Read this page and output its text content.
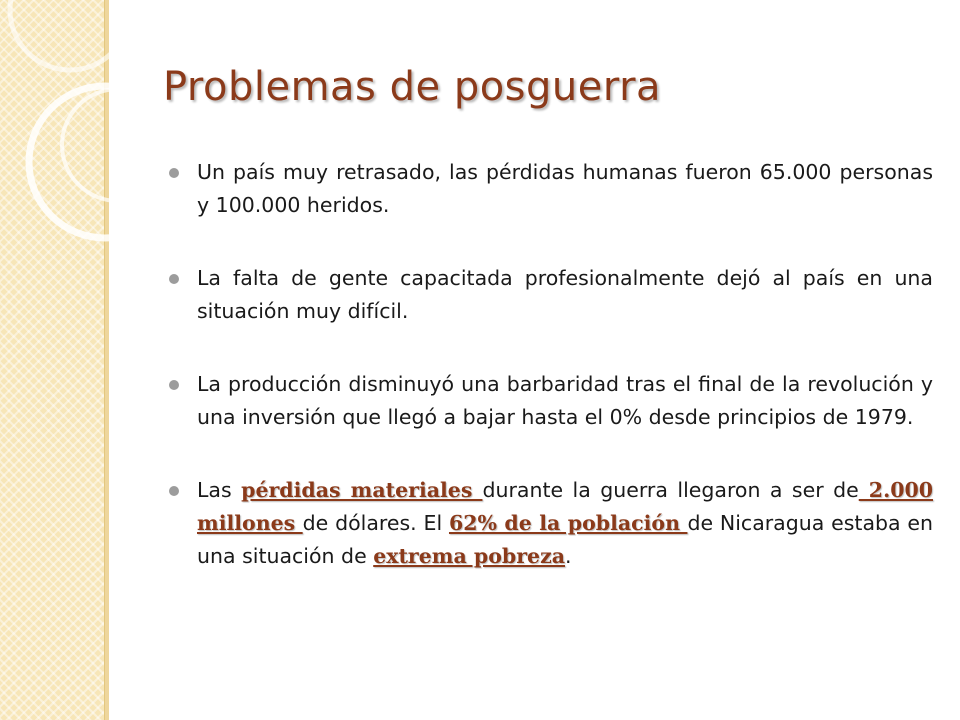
Problemas de posguerra
Un país muy retrasado, las pérdidas humanas fueron 65.000 personas y 100.000 heridos.
La falta de gente capacitada profesionalmente dejó al país en una situación muy difícil.
La producción disminuyó una barbaridad tras el final de la revolución y una inversión que llegó a bajar hasta el 0% desde principios de 1979.
Las pérdidas materiales durante la guerra llegaron a ser de 2.000 millones de dólares. El 62% de la población de Nicaragua estaba en una situación de extrema pobreza.
